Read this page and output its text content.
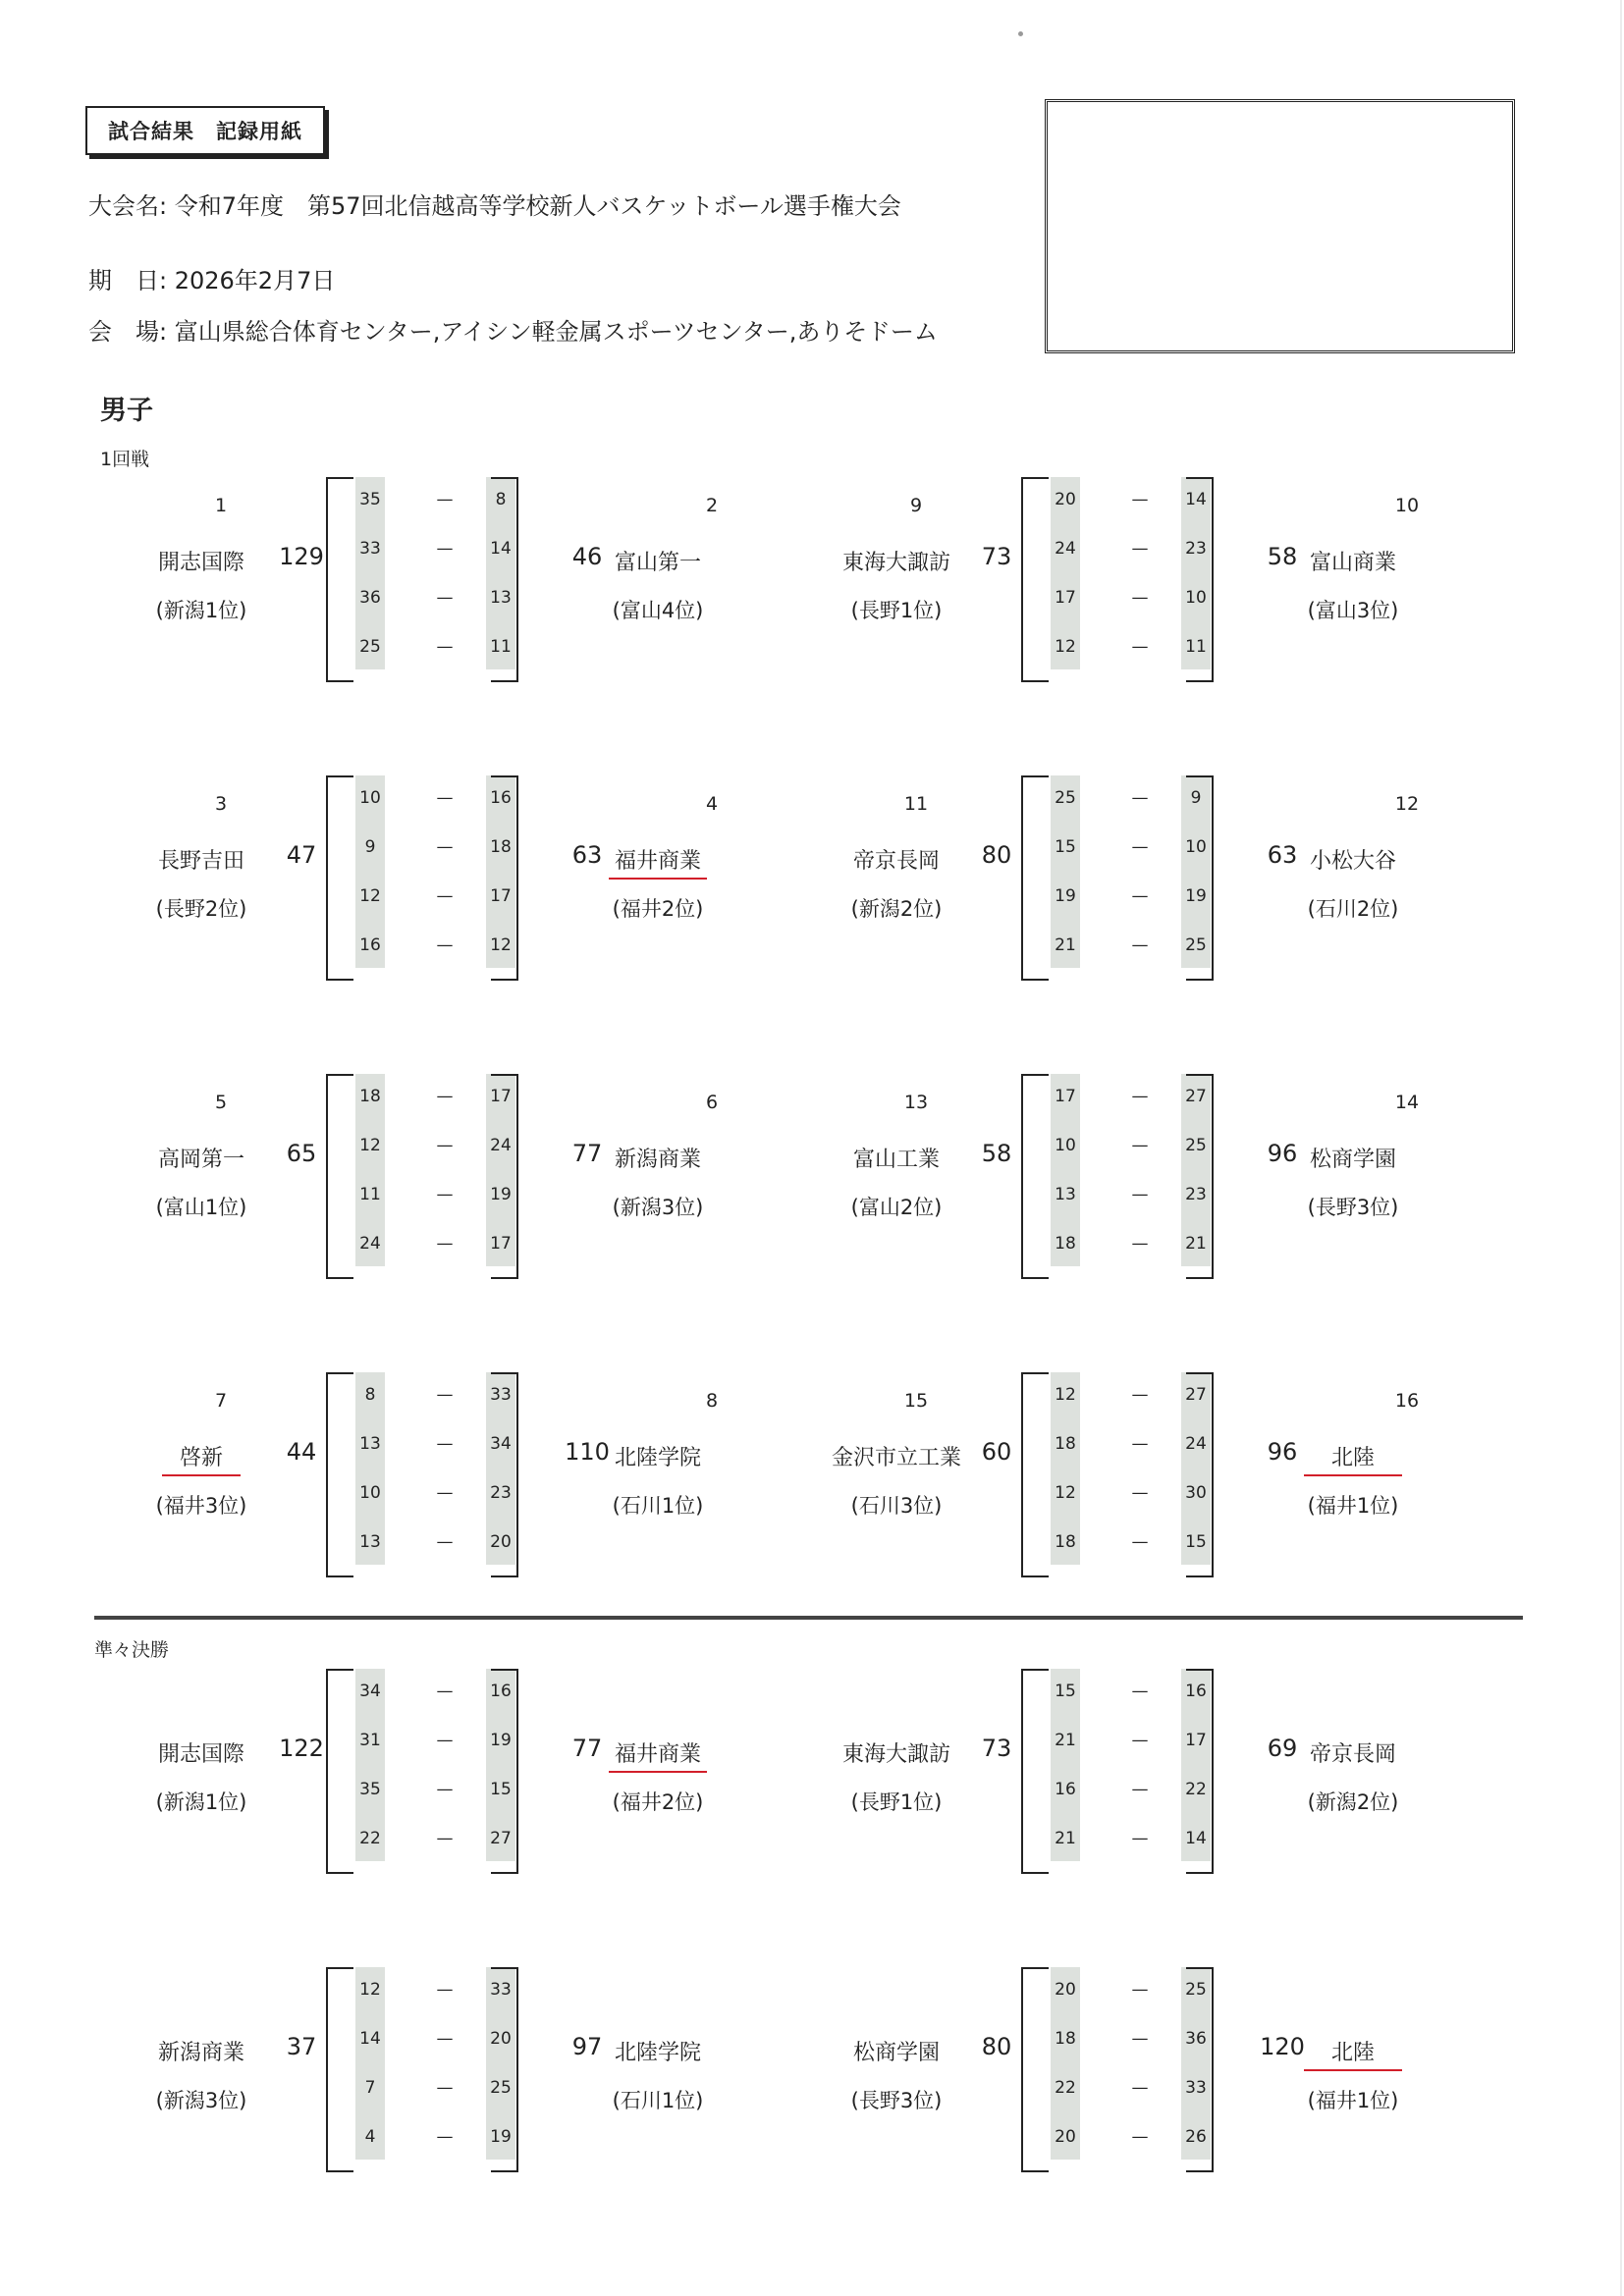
試合結果　記録用紙
大会名: 令和7年度　第57回北信越高等学校新人バスケットボール選手権大会
期　日: 2026年2月7日
会　場: 富山県総合体育センター,アイシン軽金属スポーツセンター,ありそドーム
男子
1回戦
準々決勝
1
開志国際
(新潟1位)
129
35	—	8
33	—	14
36	—	13
25	—	11
46
2
富山第一
(富山4位)
9
東海大諏訪
(長野1位)
73
20	—	14
24	—	23
17	—	10
12	—	11
58
10
富山商業
(富山3位)
3
長野吉田
(長野2位)
47
10	—	16
9	—	18
12	—	17
16	—	12
63
4
福井商業
(福井2位)
11
帝京長岡
(新潟2位)
80
25	—	9
15	—	10
19	—	19
21	—	25
63
12
小松大谷
(石川2位)
5
高岡第一
(富山1位)
65
18	—	17
12	—	24
11	—	19
24	—	17
77
6
新潟商業
(新潟3位)
13
富山工業
(富山2位)
58
17	—	27
10	—	25
13	—	23
18	—	21
96
14
松商学園
(長野3位)
7
啓新
(福井3位)
44
8	—	33
13	—	34
10	—	23
13	—	20
110
8
北陸学院
(石川1位)
15
金沢市立工業
(石川3位)
60
12	—	27
18	—	24
12	—	30
18	—	15
96
16
北陸
(福井1位)
開志国際
(新潟1位)
122
34	—	16
31	—	19
35	—	15
22	—	27
77 福井商業
(福井2位)
東海大諏訪
(長野1位)
73
15	—	16
21	—	17
16	—	22
21	—	14
69 帝京長岡
(新潟2位)
新潟商業
(新潟3位)
37
12	—	33
14	—	20
7	—	25
4	—	19
97 北陸学院
(石川1位)
松商学園
(長野3位)
80
20	—	25
18	—	36
22	—	33
20	—	26
120	北陸
(福井1位)
